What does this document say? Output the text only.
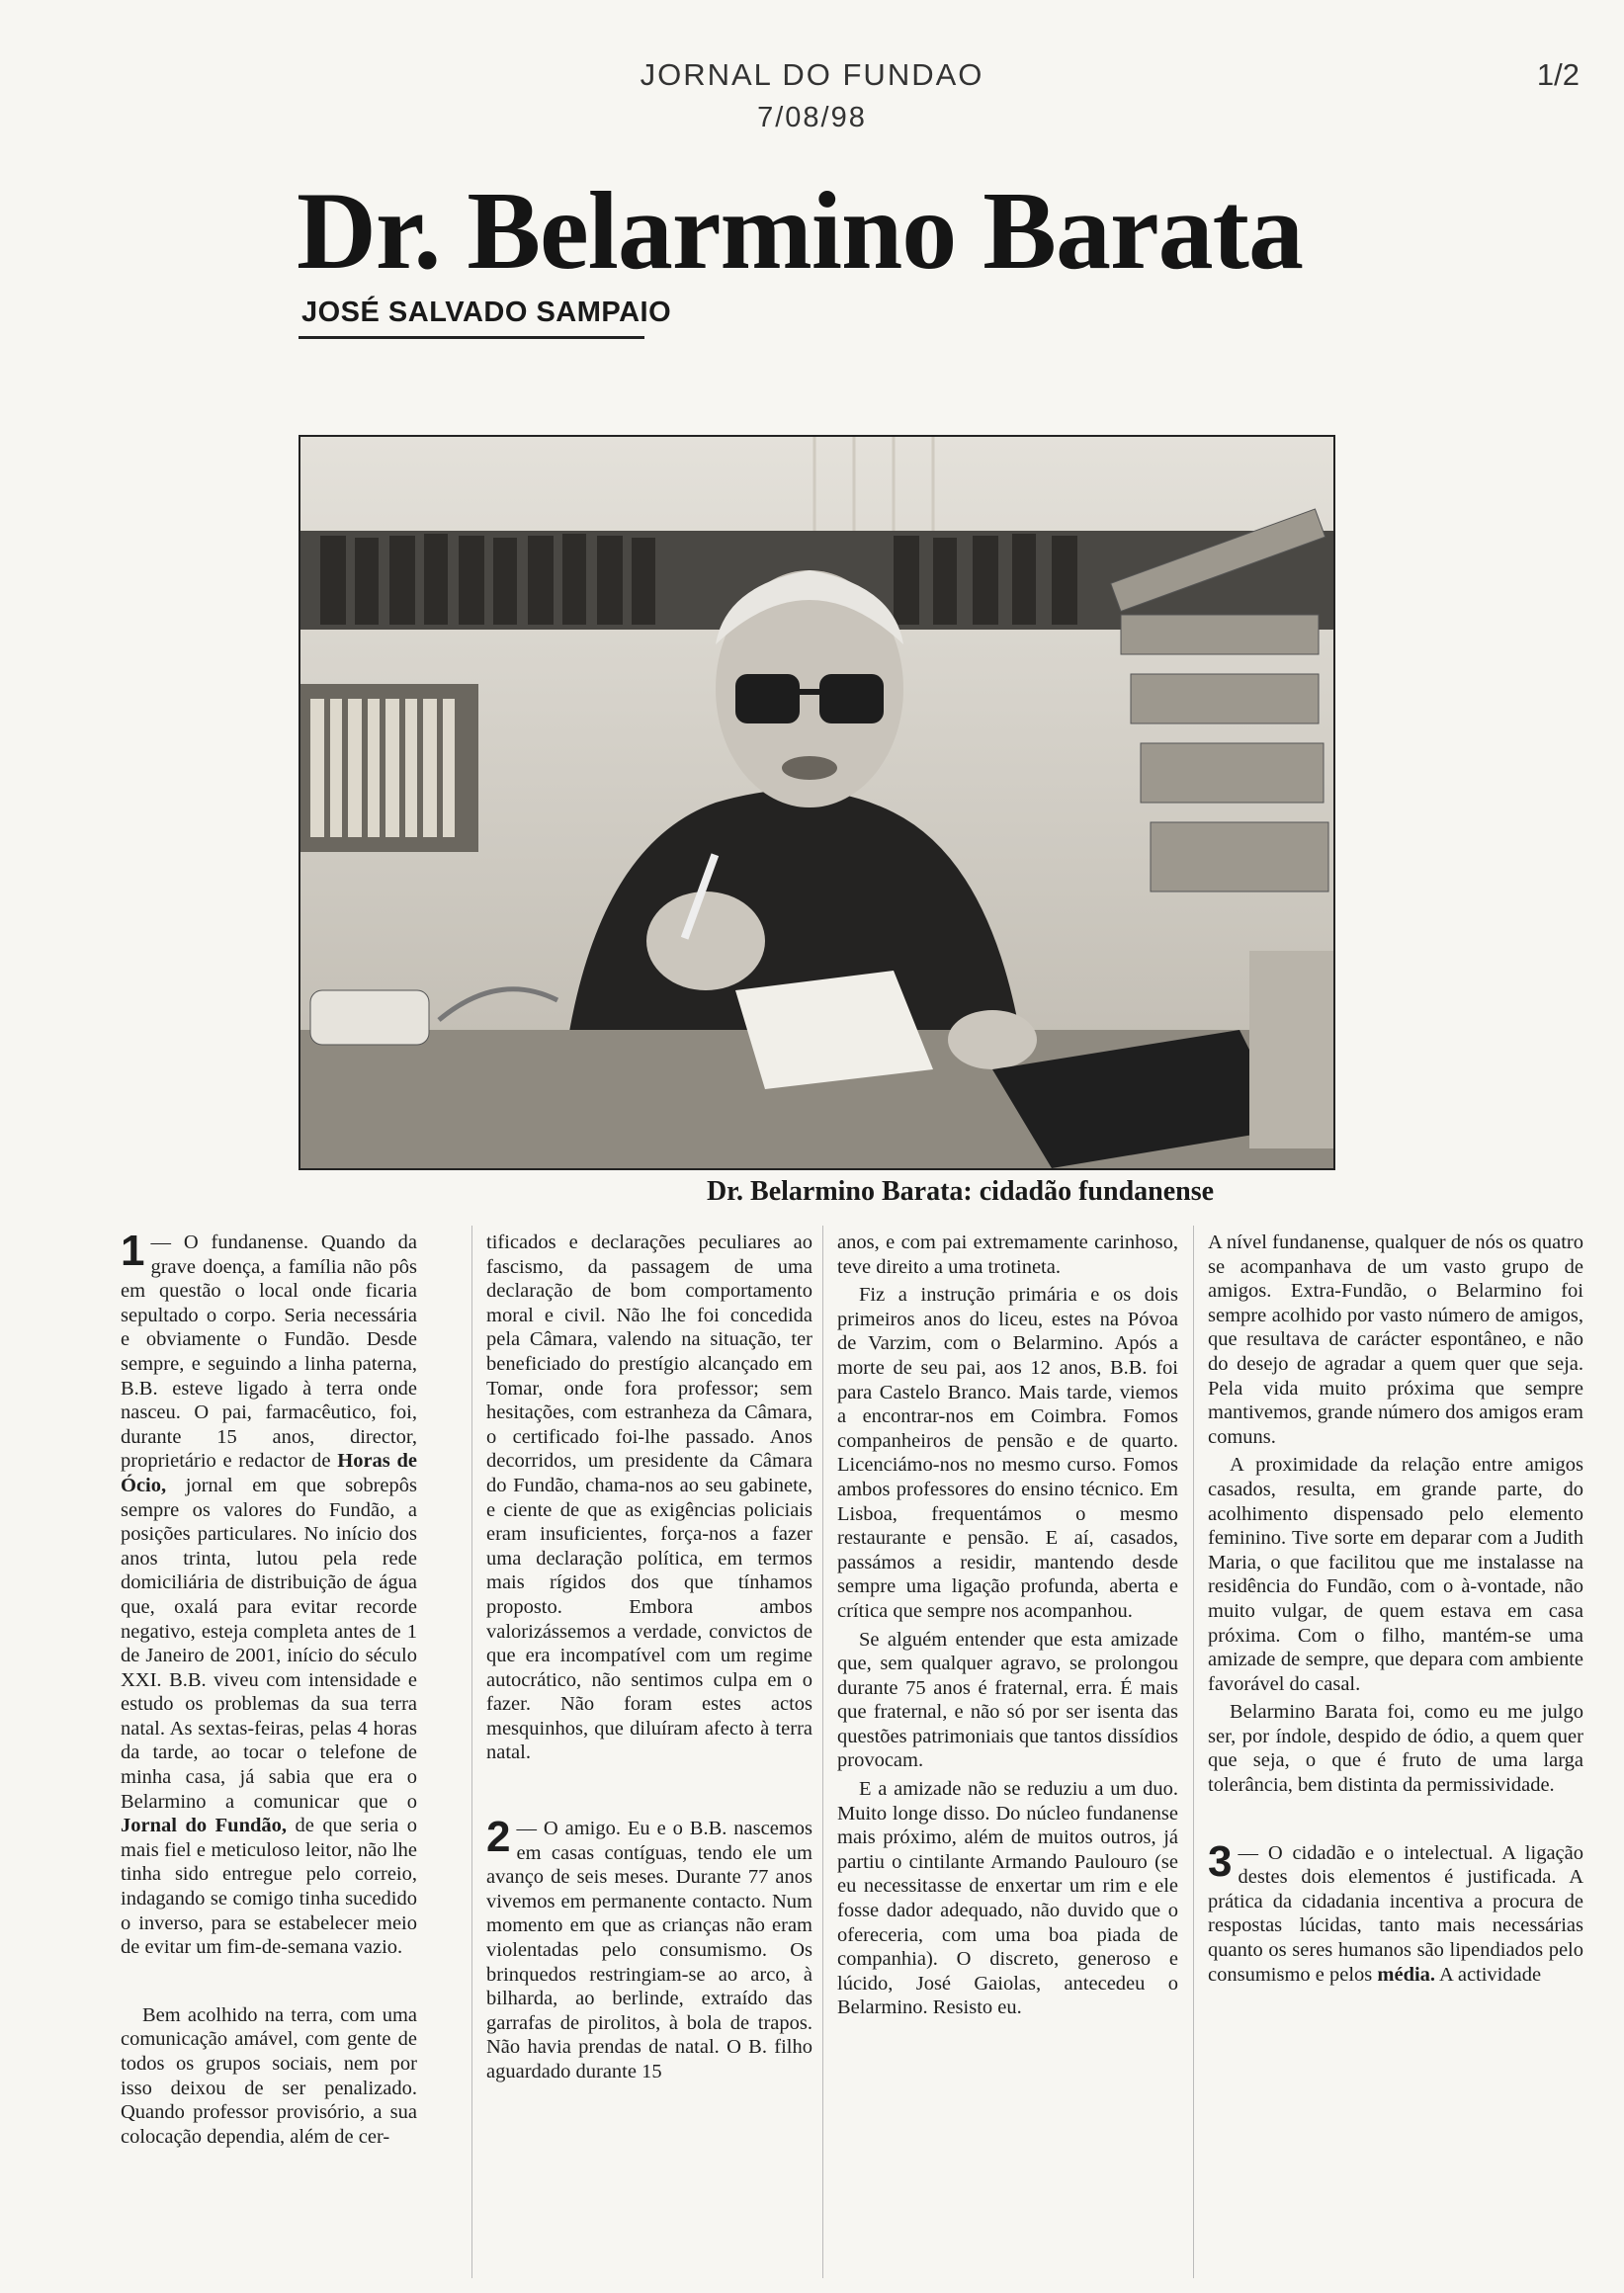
JORNAL DO FUNDAO
7/08/98
1/2
Dr. Belarmino Barata
JOSÉ SALVADO SAMPAIO
Dr. Belarmino Barata: cidadão fundanense

1 — O fundanense. Quando da grave doença, a família não pôs em questão o local onde ficaria sepultado o corpo. Seria necessária e obviamente o Fundão. Desde sempre, e seguindo a linha paterna, B.B. esteve ligado à terra onde nasceu. O pai, farmacêutico, foi, durante 15 anos, director, proprietário e redactor de Horas de Ócio, jornal em que sobrepôs sempre os valores do Fundão, a posições particulares. No início dos anos trinta, lutou pela rede domiciliária de distribuição de água que, oxalá para evitar recorde negativo, esteja completa antes de 1 de Janeiro de 2001, início do século XXI. B.B. viveu com intensidade e estudo os problemas da sua terra natal. As sextas-feiras, pelas 4 horas da tarde, ao tocar o telefone de minha casa, já sabia que era o Belarmino a comunicar que o Jornal do Fundão, de que seria o mais fiel e meticuloso leitor, não lhe tinha sido entregue pelo correio, indagando se comigo tinha sucedido o inverso, para se estabelecer meio de evitar um fim-de-semana vazio.

Bem acolhido na terra, com uma comunicação amável, com gente de todos os grupos sociais, nem por isso deixou de ser penalizado. Quando professor provisório, a sua colocação dependia, além de cer-

tificados e declarações peculiares ao fascismo, da passagem de uma declaração de bom comportamento moral e civil. Não lhe foi concedida pela Câmara, valendo na situação, ter beneficiado do prestígio alcançado em Tomar, onde fora professor; sem hesitações, com estranheza da Câmara, o certificado foi-lhe passado. Anos decorridos, um presidente da Câmara do Fundão, chama-nos ao seu gabinete, e ciente de que as exigências policiais eram insuficientes, força-nos a fazer uma declaração política, em termos mais rígidos dos que tínhamos proposto. Embora ambos valorizássemos a verdade, convictos de que era incompatível com um regime autocrático, não sentimos culpa em o fazer. Não foram estes actos mesquinhos, que diluíram afecto à terra natal.

2 — O amigo. Eu e o B.B. nascemos em casas contíguas, tendo ele um avanço de seis meses. Durante 77 anos vivemos em permanente contacto. Num momento em que as crianças não eram violentadas pelo consumismo. Os brinquedos restringiam-se ao arco, à bilharda, ao berlinde, extraído das garrafas de pirolitos, à bola de trapos. Não havia prendas de natal. O B. filho aguardado durante 15

anos, e com pai extremamente carinhoso, teve direito a uma trotineta.

Fiz a instrução primária e os dois primeiros anos do liceu, estes na Póvoa de Varzim, com o Belarmino. Após a morte de seu pai, aos 12 anos, B.B. foi para Castelo Branco. Mais tarde, viemos a encontrar-nos em Coimbra. Fomos companheiros de pensão e de quarto. Licenciámo-nos no mesmo curso. Fomos ambos professores do ensino técnico. Em Lisboa, frequentámos o mesmo restaurante e pensão. E aí, casados, passámos a residir, mantendo desde sempre uma ligação profunda, aberta e crítica que sempre nos acompanhou.

Se alguém entender que esta amizade que, sem qualquer agravo, se prolongou durante 75 anos é fraternal, erra. É mais que fraternal, e não só por ser isenta das questões patrimoniais que tantos dissídios provocam.

E a amizade não se reduziu a um duo. Muito longe disso. Do núcleo fundanense mais próximo, além de muitos outros, já partiu o cintilante Armando Paulouro (se eu necessitasse de enxertar um rim e ele fosse dador adequado, não duvido que o ofereceria, com uma boa piada de companhia). O discreto, generoso e lúcido, José Gaiolas, antecedeu o Belarmino. Resisto eu.

A nível fundanense, qualquer de nós os quatro se acompanhava de um vasto grupo de amigos. Extra-Fundão, o Belarmino foi sempre acolhido por vasto número de amigos, que resultava de carácter espontâneo, e não do desejo de agradar a quem quer que seja. Pela vida muito próxima que sempre mantivemos, grande número dos amigos eram comuns.

A proximidade da relação entre amigos casados, resulta, em grande parte, do acolhimento dispensado pelo elemento feminino. Tive sorte em deparar com a Judith Maria, o que facilitou que me instalasse na residência do Fundão, com o à-vontade, não muito vulgar, de quem estava em casa próxima. Com o filho, mantém-se uma amizade de sempre, que depara com ambiente favorável do casal.

Belarmino Barata foi, como eu me julgo ser, por índole, despido de ódio, a quem quer que seja, o que é fruto de uma larga tolerância, bem distinta da permissividade.

3 — O cidadão e o intelectual. A ligação destes dois elementos é justificada. A prática da cidadania incentiva a procura de respostas lúcidas, tanto mais necessárias quanto os seres humanos são lipendiados pelo consumismo e pelos média. A actividade
